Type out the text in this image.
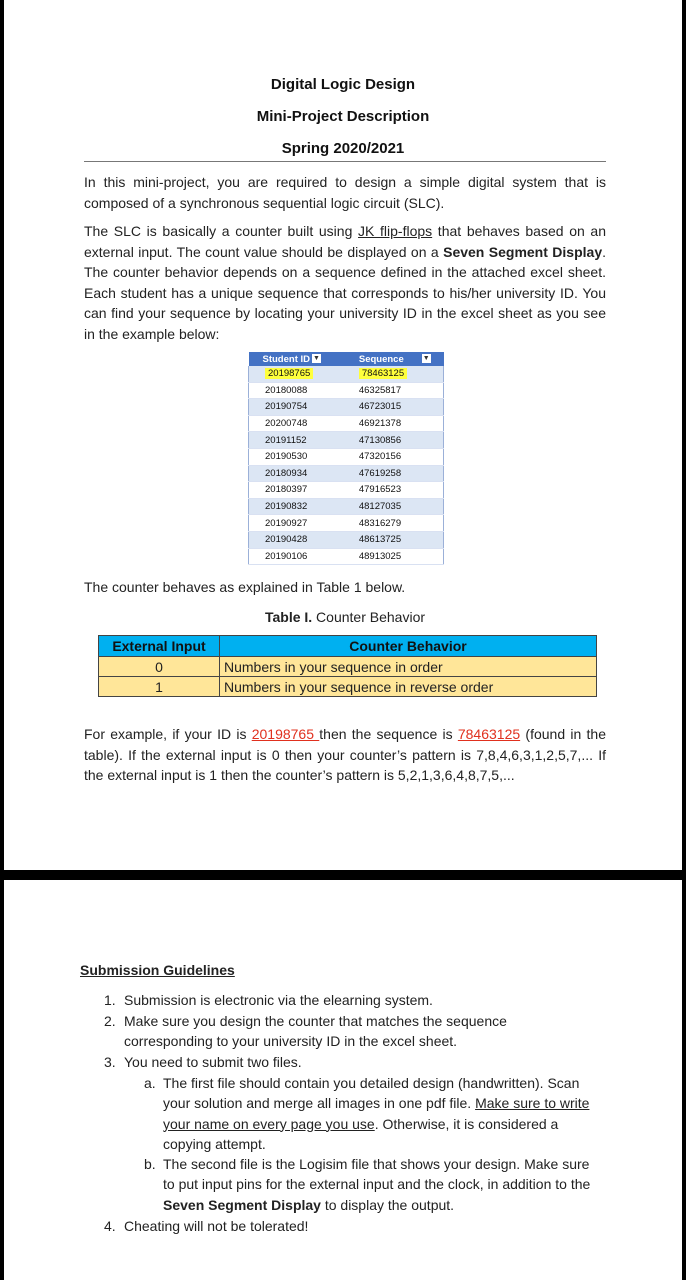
Digital Logic Design
Mini-Project Description
Spring 2020/2021
In this mini-project, you are required to design a simple digital system that is composed of a synchronous sequential logic circuit (SLC).
The SLC is basically a counter built using JK flip-flops that behaves based on an external input. The count value should be displayed on a Seven Segment Display. The counter behavior depends on a sequence defined in the attached excel sheet. Each student has a unique sequence that corresponds to his/her university ID. You can find your sequence by locating your university ID in the excel sheet as you see in the example below:
Student ID ▼	Sequence ▼
20198765	78463125
20180088	46325817
20190754	46723015
20200748	46921378
20191152	47130856
20190530	47320156
20180934	47619258
20180397	47916523
20190832	48127035
20190927	48316279
20190428	48613725
20190106	48913025
The counter behaves as explained in Table 1 below.
Table I. Counter Behavior
External Input	Counter Behavior
0	Numbers in your sequence in order
1	Numbers in your sequence in reverse order
For example, if your ID is 20198765 then the sequence is 78463125 (found in the table). If the external input is 0 then your counter’s pattern is 7,8,4,6,3,1,2,5,7,... If the external input is 1 then the counter’s pattern is 5,2,1,3,6,4,8,7,5,...
Submission Guidelines
1. Submission is electronic via the elearning system.
2. Make sure you design the counter that matches the sequence corresponding to your university ID in the excel sheet.
3. You need to submit two files.
a. The first file should contain you detailed design (handwritten). Scan your solution and merge all images in one pdf file. Make sure to write your name on every page you use. Otherwise, it is considered a copying attempt.
b. The second file is the Logisim file that shows your design. Make sure to put input pins for the external input and the clock, in addition to the Seven Segment Display to display the output.
4. Cheating will not be tolerated!
